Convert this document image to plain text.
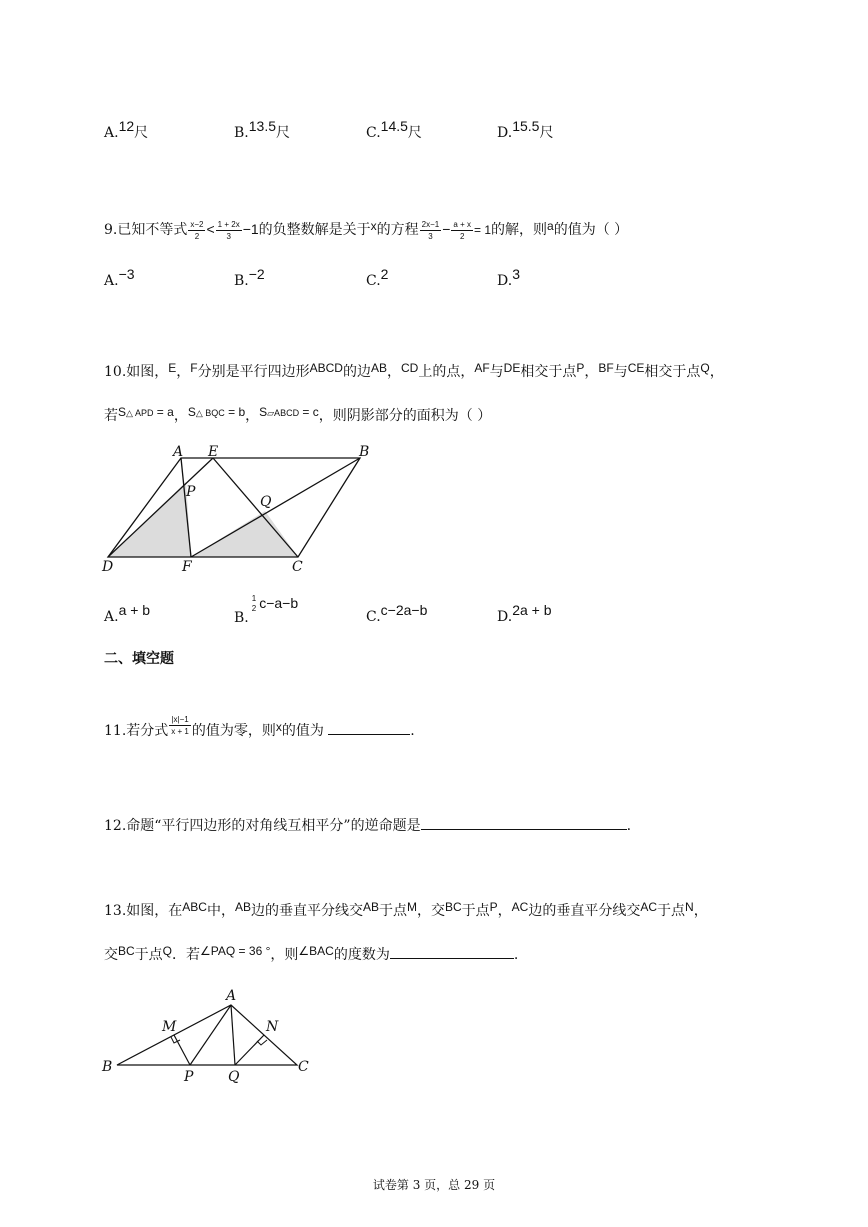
A.12尺	B.13.5尺	C.14.5尺	D.15.5尺
9.已知不等式 $\frac{x-2}{2} < \frac{1 + 2x}{3} -1$的负整数解是关于x的方程 $\frac{2x-1}{3} - \frac{a + x}{2} = 1$的解，则a的值为（ ）
A.−3	B.−2	C.2	D.3
10.如图，E，F分别是平行四边形ABCD的边AB，CD上的点，AF与DE相交于点P，BF与CE相交于点Q，
若$S^{\triangle APD} = a$，$S^{\triangle BQC} = b$，$S^{▱ABCD} = c$，则阴影部分的面积为（ ）
A E	B
P
Q
D	F	C
A.a + b	B.
1
2 c−a−b
C.c−2a−b	D.2a + b
二、填空题
11.若分式 $\frac{|x|-1}{x + 1}$ 的值为零，则x的值为	.
12.命题“平行四边形的对角线互相平分”的逆命题是	.
13.如图，在ABC中，AB边的垂直平分线交AB于点M，交BC于点P，AC边的垂直平分线交AC于点N，
交BC于点Q．若∠PAQ = 36 °，则∠BAC的度数为	.
A
M	N
B
P Q
C
试卷第 3 页，总 29 页
